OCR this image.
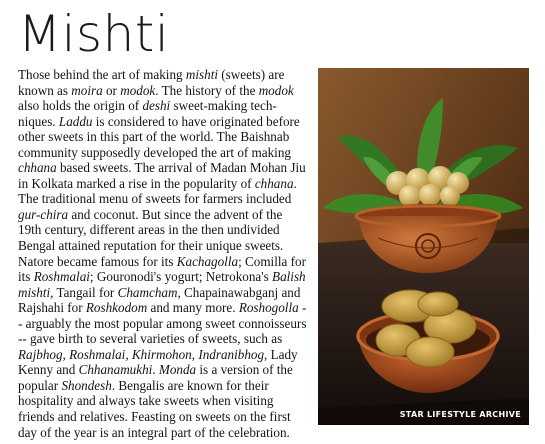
Mishti

Those behind the art of making mishti (sweets) are known as moira or modok. The history of the modok also holds the origin of deshi sweet-making tech-niques. Laddu is considered to have originated before other sweets in this part of the world. The Baishnab community supposedly developed the art of making chhana based sweets. The arrival of Madan Mohan Jiu in Kolkata marked a rise in the popularity of chhana. The traditional menu of sweets for farmers included gur-chira and coconut. But since the advent of the 19th century, different areas in the then undivided Bengal attained reputation for their unique sweets. Natore became famous for its Kachagolla; Comilla for its Roshmalai; Gouronodi's yogurt; Netrokona's Balish mishti, Tangail for Chamcham, Chapainawabganj and Rajshahi for Roshkodom and many more. Roshogolla -- arguably the most popular among sweet connoisseurs -- gave birth to several varieties of sweets, such as Rajbhog, Roshmalai, Khirmohon, Indranibhog, Lady Kenny and Chhanamukhi. Monda is a version of the popular Shondesh. Bengalis are known for their hospitality and always take sweets when visiting friends and relatives. Feasting on sweets on the first day of the year is an integral part of the celebration.

STAR LIFESTYLE ARCHIVE
